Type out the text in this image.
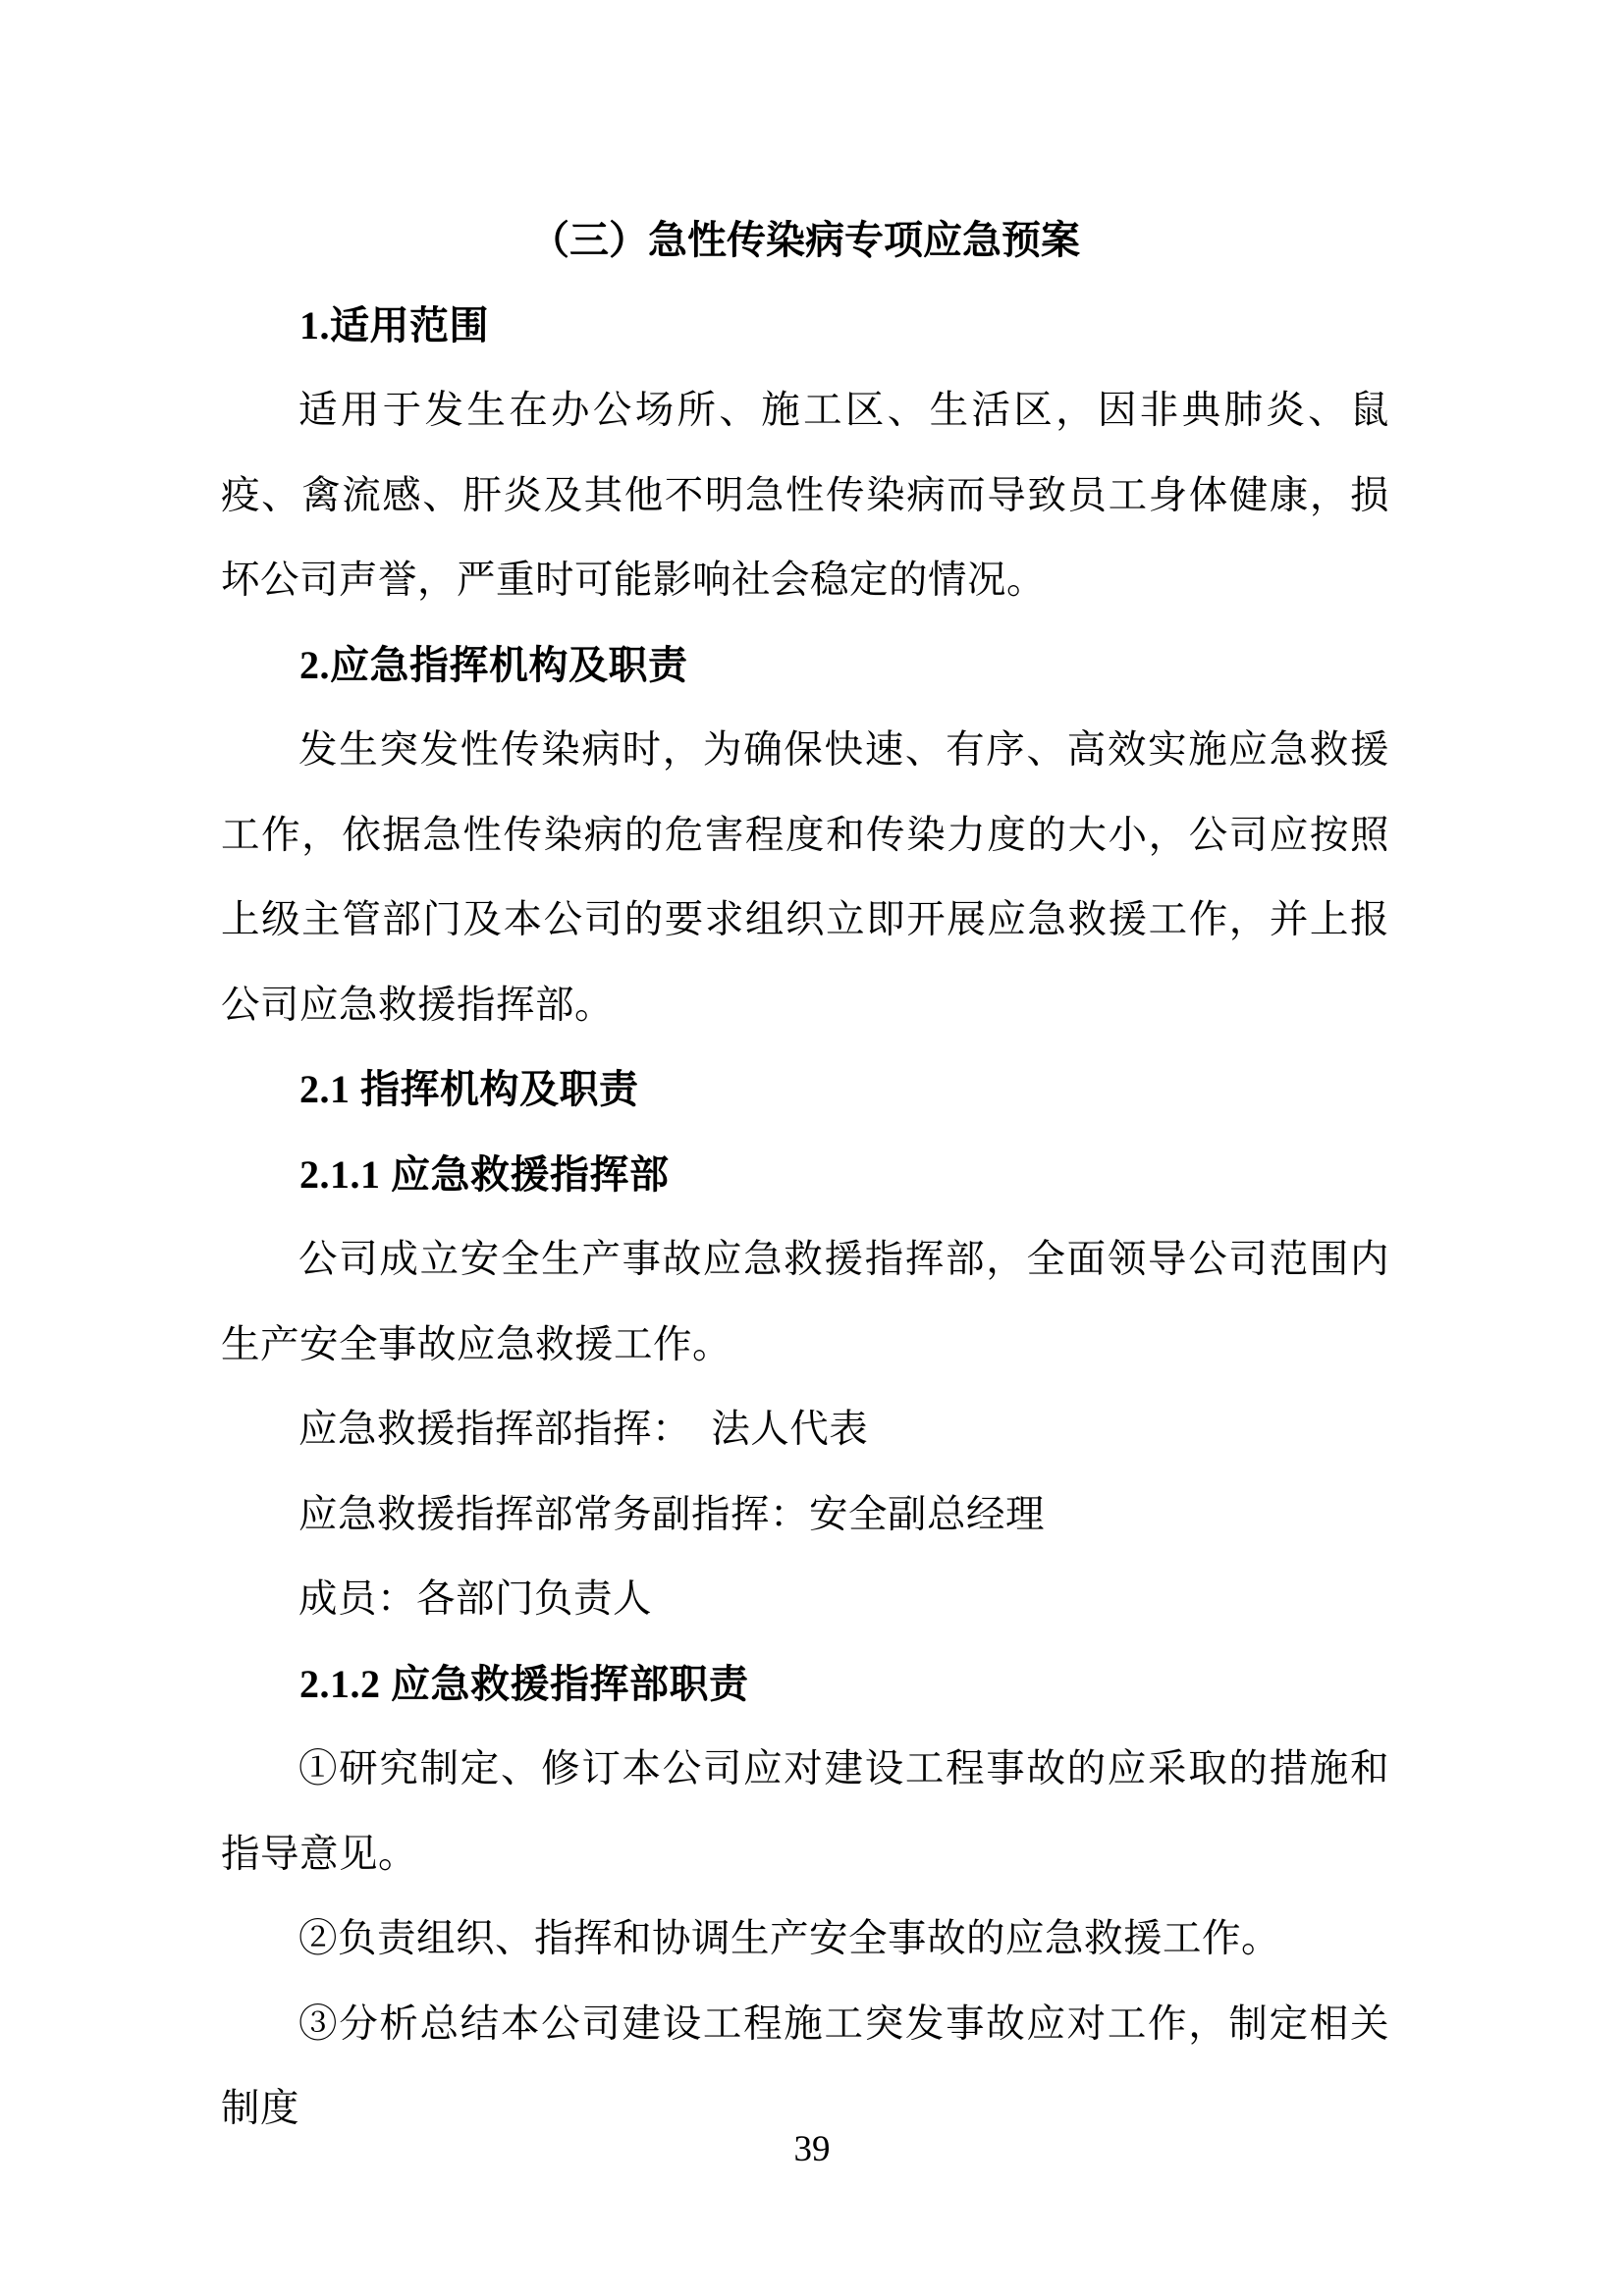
（三）急性传染病专项应急预案

1.适用范围

适用于发生在办公场所、施工区、生活区，因非典肺炎、鼠疫、禽流感、肝炎及其他不明急性传染病而导致员工身体健康，损坏公司声誉，严重时可能影响社会稳定的情况。

2.应急指挥机构及职责

发生突发性传染病时，为确保快速、有序、高效实施应急救援工作，依据急性传染病的危害程度和传染力度的大小，公司应按照上级主管部门及本公司的要求组织立即开展应急救援工作，并上报公司应急救援指挥部。

2.1 指挥机构及职责

2.1.1 应急救援指挥部

公司成立安全生产事故应急救援指挥部，全面领导公司范围内生产安全事故应急救援工作。

应急救援指挥部指挥：　法人代表

应急救援指挥部常务副指挥：安全副总经理

成员：各部门负责人

2.1.2 应急救援指挥部职责

①研究制定、修订本公司应对建设工程事故的应采取的措施和指导意见。

②负责组织、指挥和协调生产安全事故的应急救援工作。

③分析总结本公司建设工程施工突发事故应对工作，制定相关制度

39
